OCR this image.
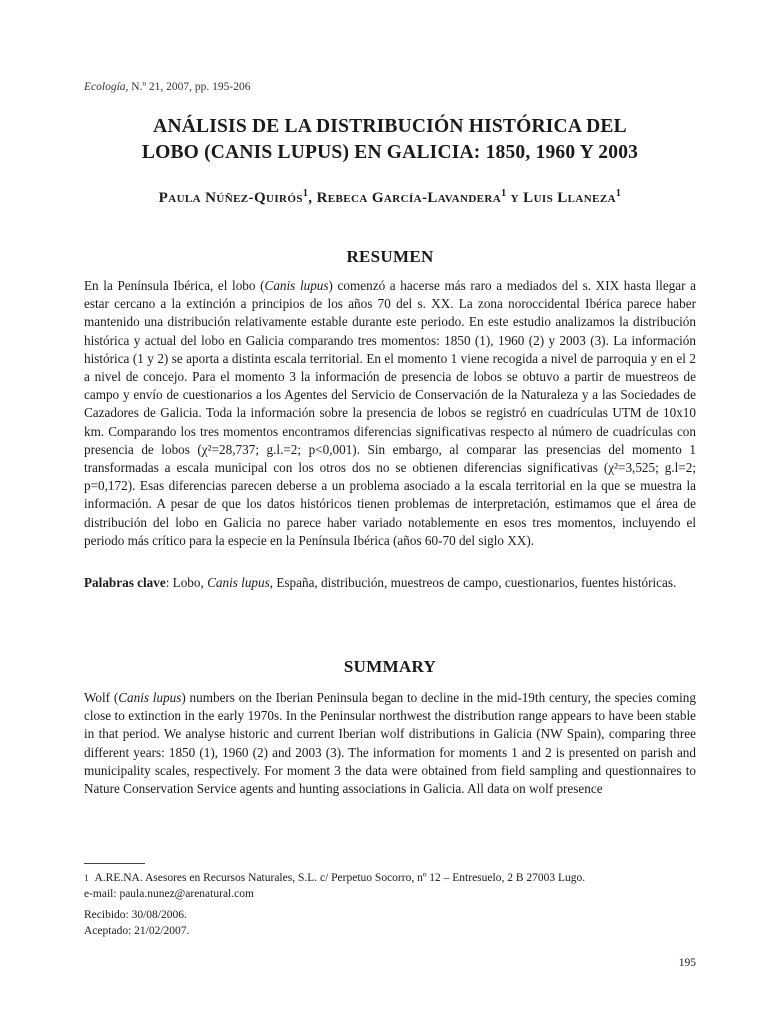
Ecología, N.º 21, 2007, pp. 195-206
ANÁLISIS DE LA DISTRIBUCIÓN HISTÓRICA DEL
LOBO (CANIS LUPUS) EN GALICIA: 1850, 1960 Y 2003
Paula Núñez-Quirós$^1$, Rebeca García-Lavandera$^1$ y Luis Llaneza$^1$
RESUMEN
En la Península Ibérica, el lobo (Canis lupus) comenzó a hacerse más raro a mediados del s. XIX hasta llegar a estar cercano a la extinción a principios de los años 70 del s. XX. La zona noroccidental Ibérica parece haber mantenido una distribución relativamente estable durante este periodo. En este estudio analizamos la distribución histórica y actual del lobo en Galicia comparando tres momentos: 1850 (1), 1960 (2) y 2003 (3). La información histórica (1 y 2) se aporta a distinta escala territorial. En el momento 1 viene recogida a nivel de parroquia y en el 2 a nivel de concejo. Para el momento 3 la información de presencia de lobos se obtuvo a partir de muestreos de campo y envío de cuestionarios a los Agentes del Servicio de Conservación de la Naturaleza y a las Sociedades de Cazadores de Galicia. Toda la información sobre la presencia de lobos se registró en cuadrículas UTM de 10x10 km. Comparando los tres momentos encontramos diferencias significativas respecto al número de cuadrículas con presencia de lobos (χ²=28,737; g.l.=2; p<0,001). Sin embargo, al comparar las presencias del momento 1 transformadas a escala municipal con los otros dos no se obtienen diferencias significativas (χ²=3,525; g.l=2; p=0,172). Esas diferencias parecen deberse a un problema asociado a la escala territorial en la que se muestra la información. A pesar de que los datos históricos tienen problemas de interpretación, estimamos que el área de distribución del lobo en Galicia no parece haber variado notablemente en esos tres momentos, incluyendo el periodo más crítico para la especie en la Península Ibérica (años 60-70 del siglo XX).
Palabras clave: Lobo, Canis lupus, España, distribución, muestreos de campo, cuestionarios, fuentes históricas.
SUMMARY
Wolf (Canis lupus) numbers on the Iberian Peninsula began to decline in the mid-19th century, the species coming close to extinction in the early 1970s. In the Peninsular northwest the distribution range appears to have been stable in that period. We analyse historic and current Iberian wolf distributions in Galicia (NW Spain), comparing three different years: 1850 (1), 1960 (2) and 2003 (3). The information for moments 1 and 2 is presented on parish and municipality scales, respectively. For moment 3 the data were obtained from field sampling and questionnaires to Nature Conservation Service agents and hunting associations in Galicia. All data on wolf presence
$^1$ A.RE.NA. Asesores en Recursos Naturales, S.L. c/ Perpetuo Socorro, nº 12 – Entresuelo, 2 B 27003 Lugo.
e-mail: paula.nunez@arenatural.com
Recibido: 30/08/2006.
Aceptado: 21/02/2007.
195
